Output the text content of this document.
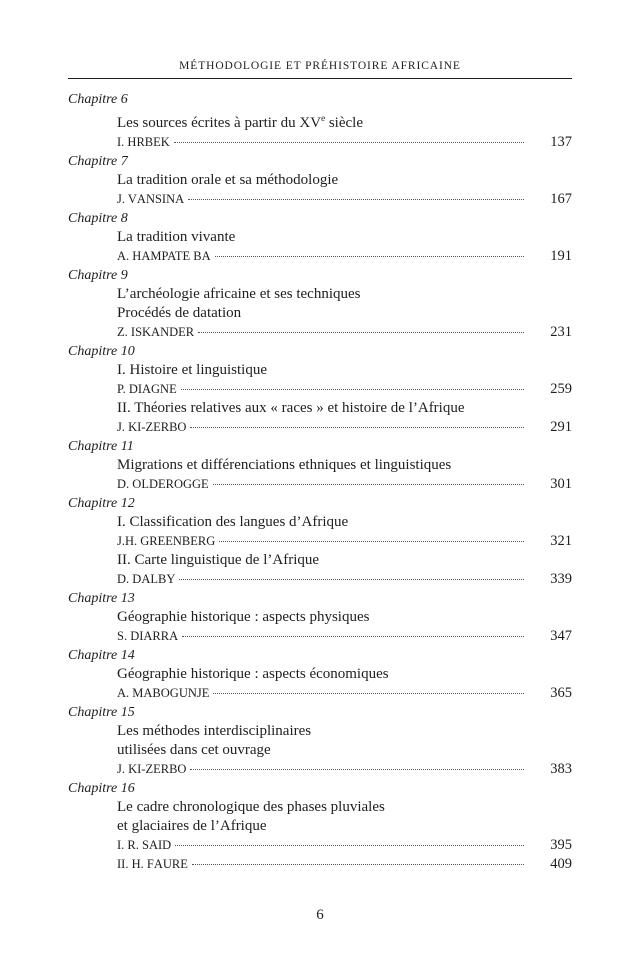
MÉTHODOLOGIE ET PRÉHISTOIRE AFRICAINE
Chapitre 6
Les sources écrites à partir du XVe siècle
I. HRBEK	137
Chapitre 7
La tradition orale et sa méthodologie
J. VANSINA	167
Chapitre 8
La tradition vivante
A. HAMPATE BA	191
Chapitre 9
L’archéologie africaine et ses techniques
Procédés de datation
Z. ISKANDER	231
Chapitre 10
I. Histoire et linguistique
P. DIAGNE	259
II. Théories relatives aux « races » et histoire de l’Afrique
J. KI-ZERBO	291
Chapitre 11
Migrations et différenciations ethniques et linguistiques
D. OLDEROGGE	301
Chapitre 12
I. Classification des langues d’Afrique
J.H. GREENBERG	321
II. Carte linguistique de l’Afrique
D. DALBY	339
Chapitre 13
Géographie historique : aspects physiques
S. DIARRA	347
Chapitre 14
Géographie historique : aspects économiques
A. MABOGUNJE	365
Chapitre 15
Les méthodes interdisciplinaires
utilisées dans cet ouvrage
J. KI-ZERBO	383
Chapitre 16
Le cadre chronologique des phases pluviales
et glaciaires de l’Afrique
I. R. SAID	395
II. H. FAURE	409
6
